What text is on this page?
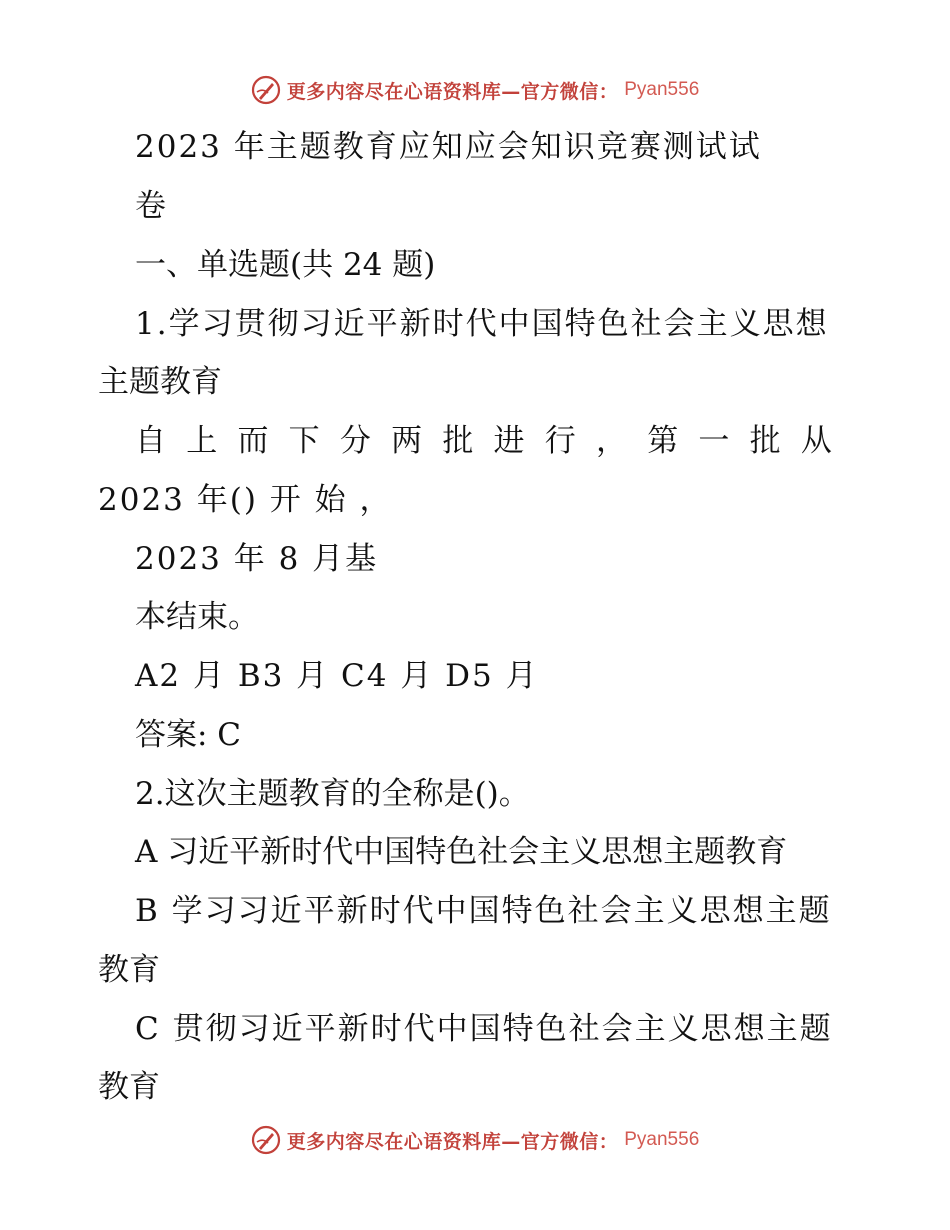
更多内容尽在心语资料库—官方微信： Pyan556
2023 年主题教育应知应会知识竞赛测试试
卷
一、单选题(共 24 题)
1.学习贯彻习近平新时代中国特色社会主义思想
主题教育
自 上 而 下 分 两 批 进 行 ， 第 一 批 从
2023 年() 开 始 ，
2023 年 8 月基
本结束。
A2 月 B3 月 C4 月 D5 月
答案: C
2.这次主题教育的全称是()。
A 习近平新时代中国特色社会主义思想主题教育
B 学习习近平新时代中国特色社会主义思想主题
教育
C 贯彻习近平新时代中国特色社会主义思想主题
教育
更多内容尽在心语资料库—官方微信： Pyan556
